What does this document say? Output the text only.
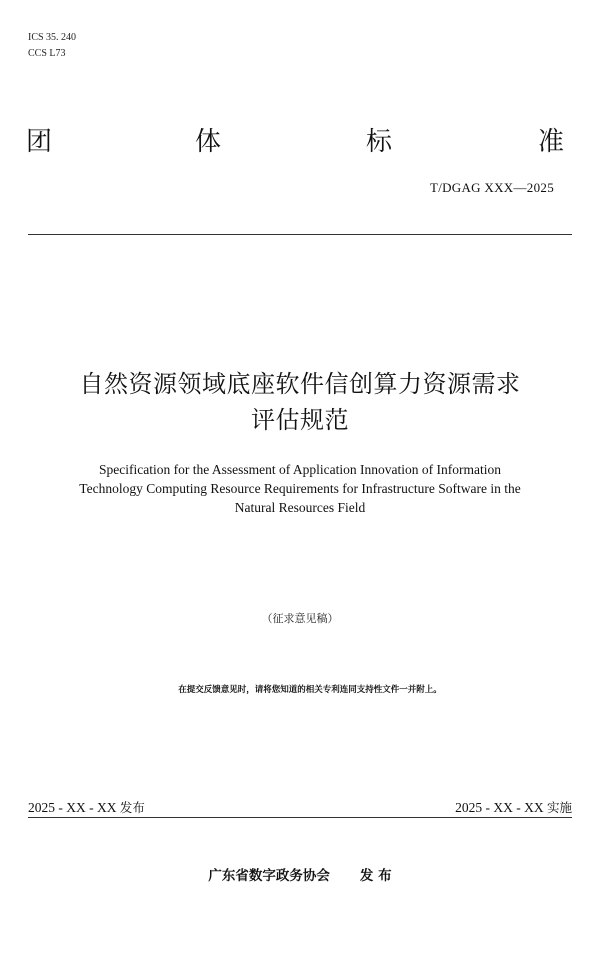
ICS 35. 240
CCS L73
团	体	标	准
T/DGAG XXX—2025
自然资源领域底座软件信创算力资源需求
评估规范
Specification for the Assessment of Application Innovation of Information
Technology Computing Resource Requirements for Infrastructure Software in the
Natural Resources Field
（征求意见稿）
在提交反馈意见时，请将您知道的相关专利连同支持性文件一并附上。
2025 - XX - XX 发布	2025 - XX - XX 实施
广东省数字政务协会 发 布
